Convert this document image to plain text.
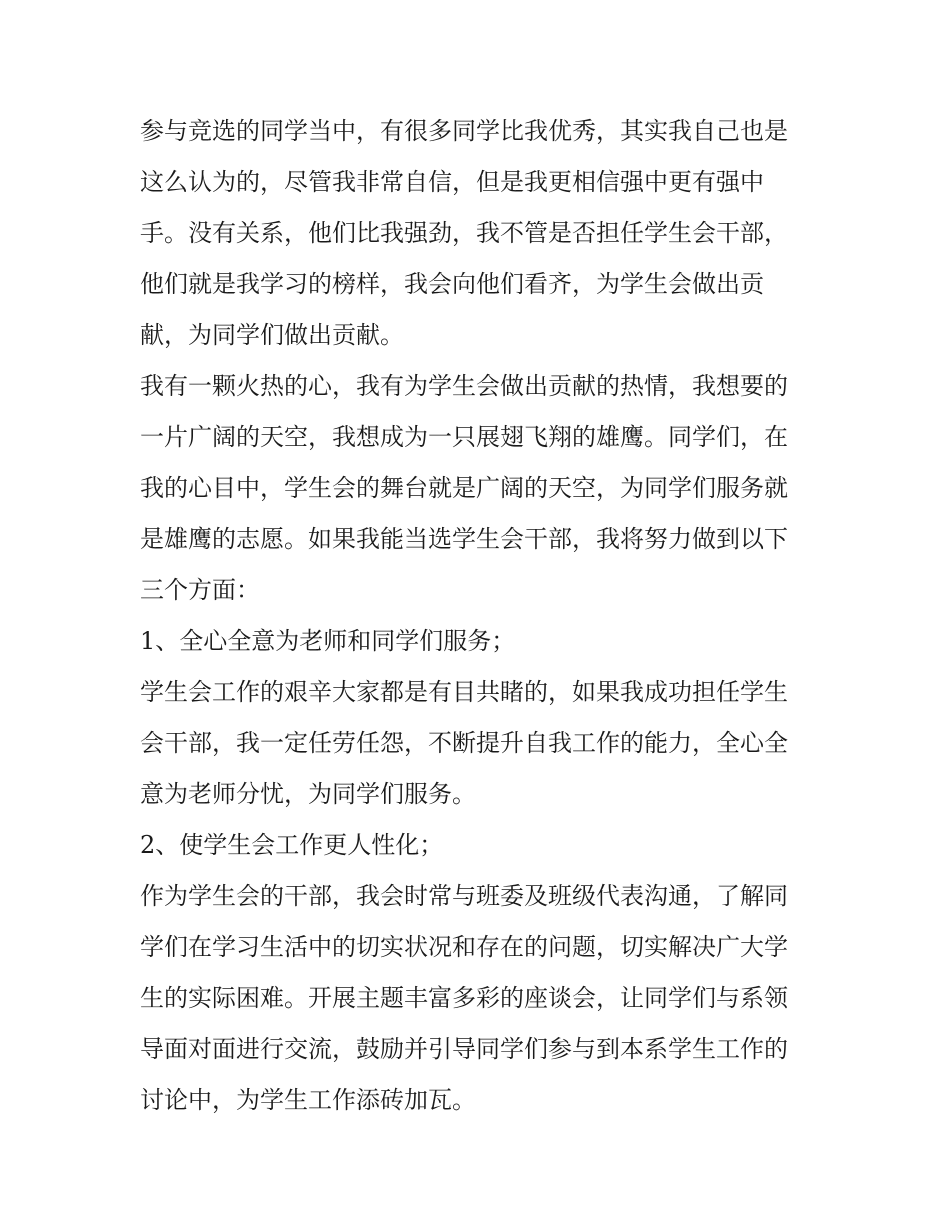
参与竞选的同学当中，有很多同学比我优秀，其实我自己也是
这么认为的，尽管我非常自信，但是我更相信强中更有强中
手。没有关系，他们比我强劲，我不管是否担任学生会干部，
他们就是我学习的榜样，我会向他们看齐，为学生会做出贡
献，为同学们做出贡献。
我有一颗火热的心，我有为学生会做出贡献的热情，我想要的
一片广阔的天空，我想成为一只展翅飞翔的雄鹰。同学们，在
我的心目中，学生会的舞台就是广阔的天空，为同学们服务就
是雄鹰的志愿。如果我能当选学生会干部，我将努力做到以下
三个方面：
1、全心全意为老师和同学们服务；
学生会工作的艰辛大家都是有目共睹的，如果我成功担任学生
会干部，我一定任劳任怨，不断提升自我工作的能力，全心全
意为老师分忧，为同学们服务。
2、使学生会工作更人性化；
作为学生会的干部，我会时常与班委及班级代表沟通，了解同
学们在学习生活中的切实状况和存在的问题，切实解决广大学
生的实际困难。开展主题丰富多彩的座谈会，让同学们与系领
导面对面进行交流，鼓励并引导同学们参与到本系学生工作的
讨论中，为学生工作添砖加瓦。
